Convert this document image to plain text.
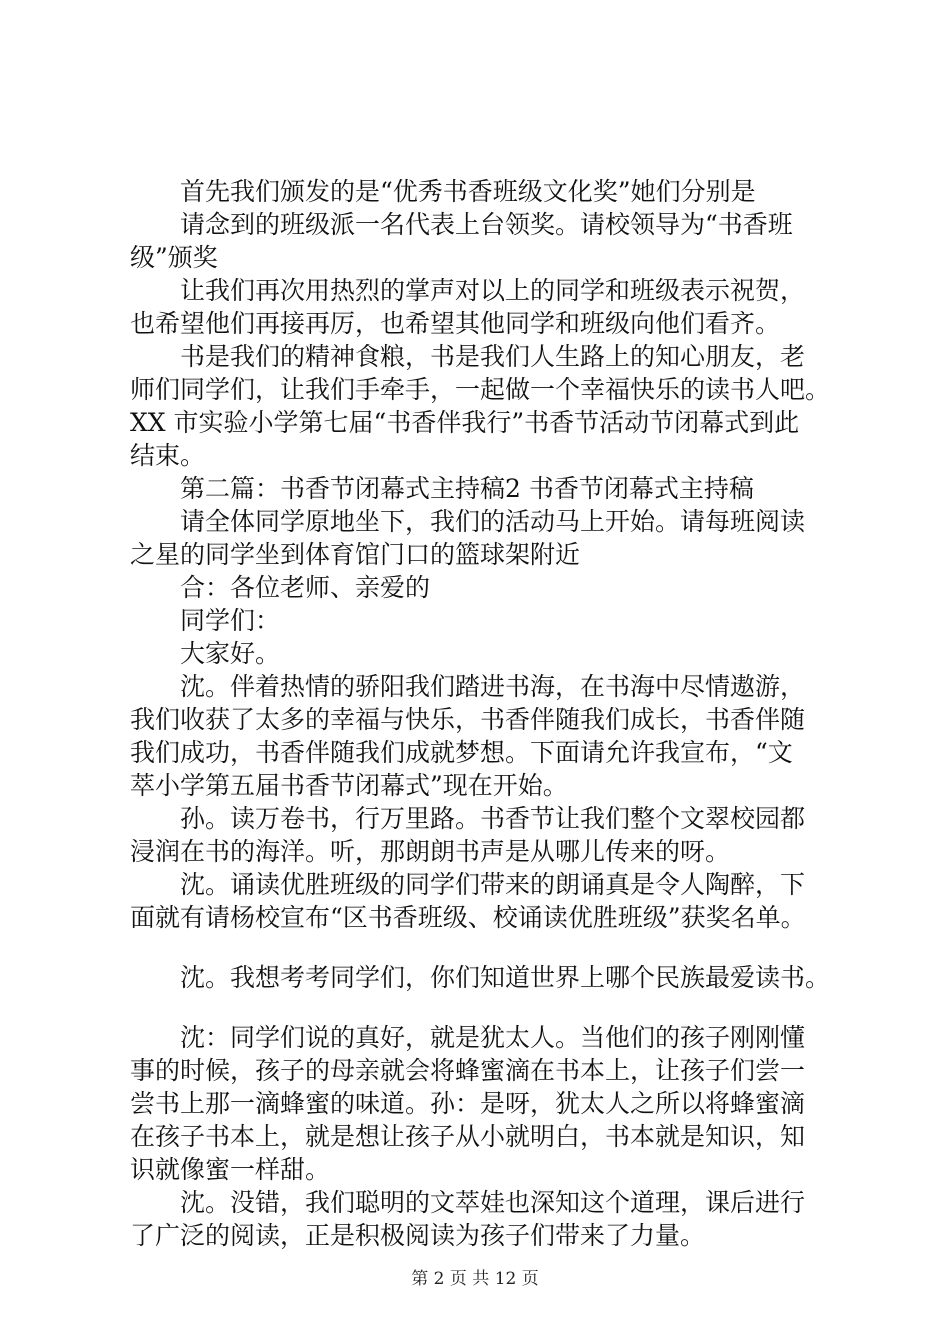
首先我们颁发的是“优秀书香班级文化奖”她们分别是
请念到的班级派一名代表上台领奖。请校领导为“书香班
级”颁奖
让我们再次用热烈的掌声对以上的同学和班级表示祝贺，
也希望他们再接再厉，也希望其他同学和班级向他们看齐。
书是我们的精神食粮，书是我们人生路上的知心朋友，老
师们同学们，让我们手牵手，一起做一个幸福快乐的读书人吧。
XX 市实验小学第七届“书香伴我行”书香节活动节闭幕式到此
结束。
第二篇：书香节闭幕式主持稿2 书香节闭幕式主持稿
请全体同学原地坐下，我们的活动马上开始。请每班阅读
之星的同学坐到体育馆门口的篮球架附近
合：各位老师、亲爱的
同学们：
大家好。
沈。伴着热情的骄阳我们踏进书海，在书海中尽情遨游，
我们收获了太多的幸福与快乐，书香伴随我们成长，书香伴随
我们成功，书香伴随我们成就梦想。下面请允许我宣布，“文
萃小学第五届书香节闭幕式”现在开始。
孙。读万卷书，行万里路。书香节让我们整个文翠校园都
浸润在书的海洋。听，那朗朗书声是从哪儿传来的呀。
沈。诵读优胜班级的同学们带来的朗诵真是令人陶醉，下
面就有请杨校宣布“区书香班级、校诵读优胜班级”获奖名单。
沈。我想考考同学们，你们知道世界上哪个民族最爱读书。
沈：同学们说的真好，就是犹太人。当他们的孩子刚刚懂
事的时候，孩子的母亲就会将蜂蜜滴在书本上，让孩子们尝一
尝书上那一滴蜂蜜的味道。孙：是呀，犹太人之所以将蜂蜜滴
在孩子书本上，就是想让孩子从小就明白，书本就是知识，知
识就像蜜一样甜。
沈。没错，我们聪明的文萃娃也深知这个道理，课后进行
了广泛的阅读，正是积极阅读为孩子们带来了力量。
第 2 页 共 12 页
